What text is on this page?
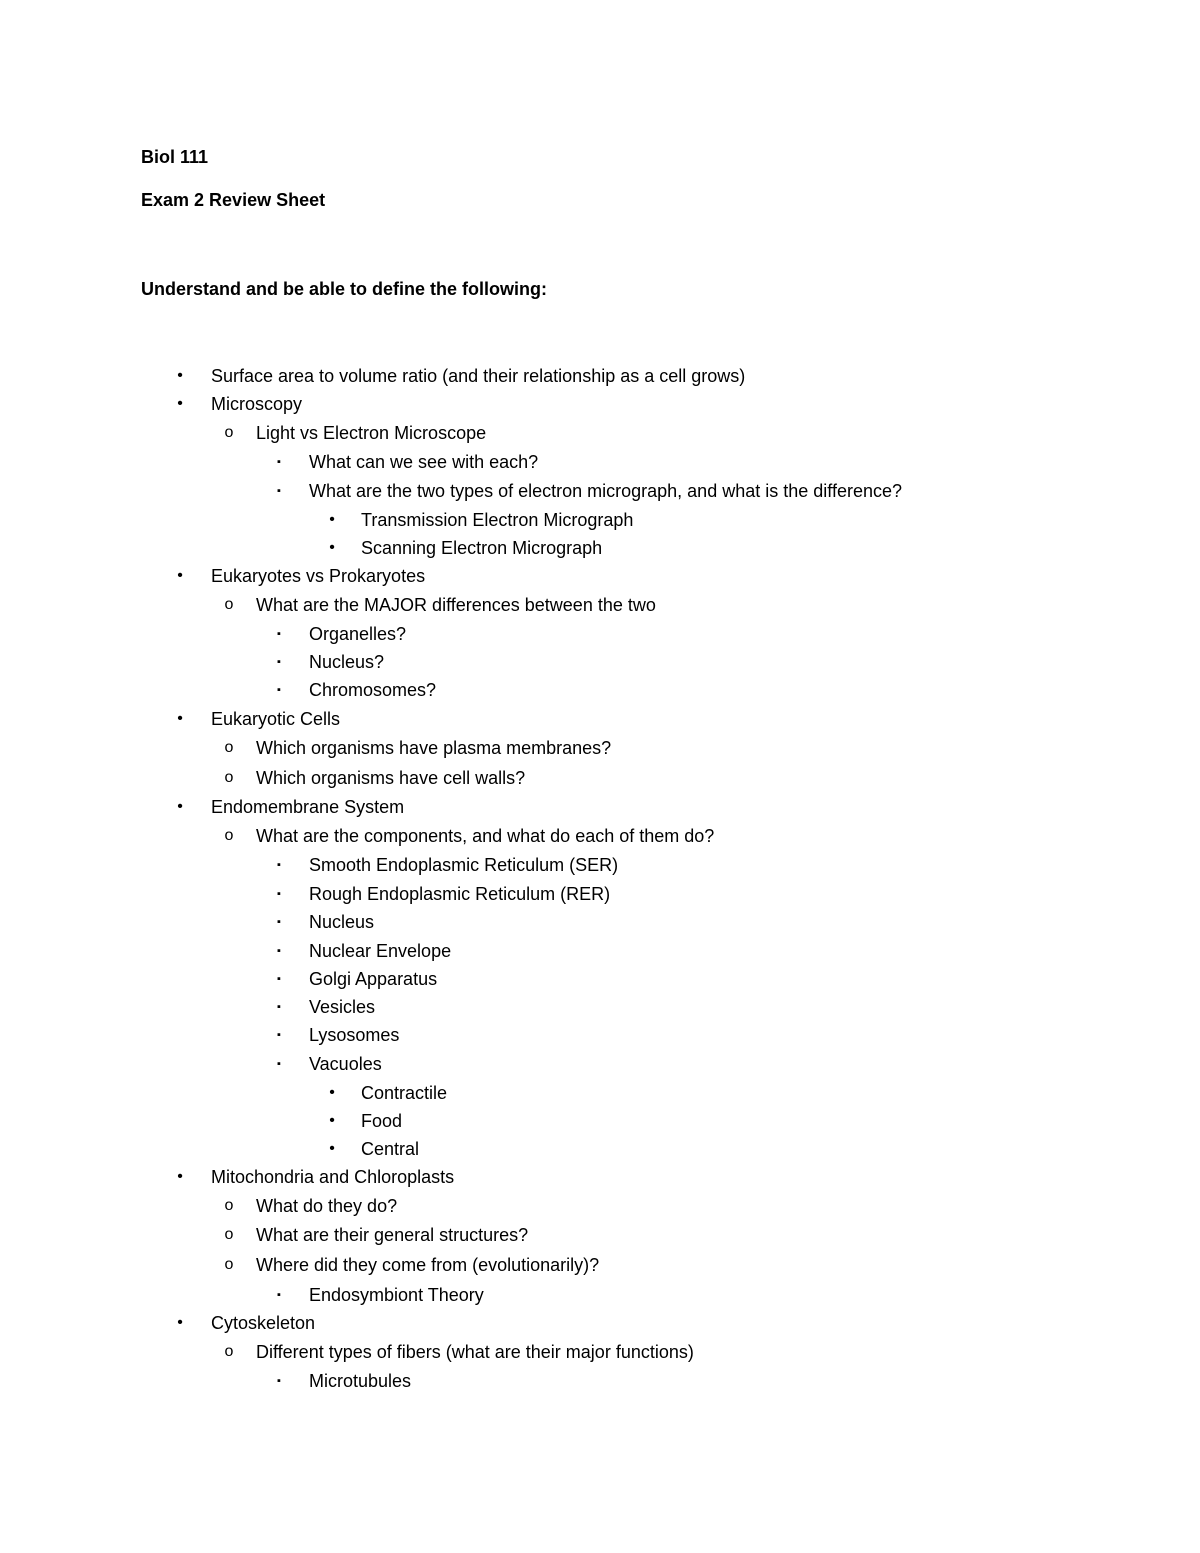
Biol 111
Exam 2 Review Sheet
Understand and be able to define the following:
•	Surface area to volume ratio (and their relationship as a cell grows)
•	Microscopy
o Light vs Electron Microscope
▪	What can we see with each?
▪	What are the two types of electron micrograph, and what is the difference?
•	Transmission Electron Micrograph
•	Scanning Electron Micrograph
•	Eukaryotes vs Prokaryotes
o What are the MAJOR differences between the two
▪	Organelles?
▪	Nucleus?
▪	Chromosomes?
•	Eukaryotic Cells
o Which organisms have plasma membranes?
o Which organisms have cell walls?
•	Endomembrane System
o What are the components, and what do each of them do?
▪	Smooth Endoplasmic Reticulum (SER)
▪	Rough Endoplasmic Reticulum (RER)
▪	Nucleus
▪	Nuclear Envelope
▪	Golgi Apparatus
▪	Vesicles
▪	Lysosomes
▪	Vacuoles
•	Contractile
•	Food
•	Central
•	Mitochondria and Chloroplasts
o What do they do?
o What are their general structures?
o Where did they come from (evolutionarily)?
▪	Endosymbiont Theory
•	Cytoskeleton
o Different types of fibers (what are their major functions)
▪	Microtubules
